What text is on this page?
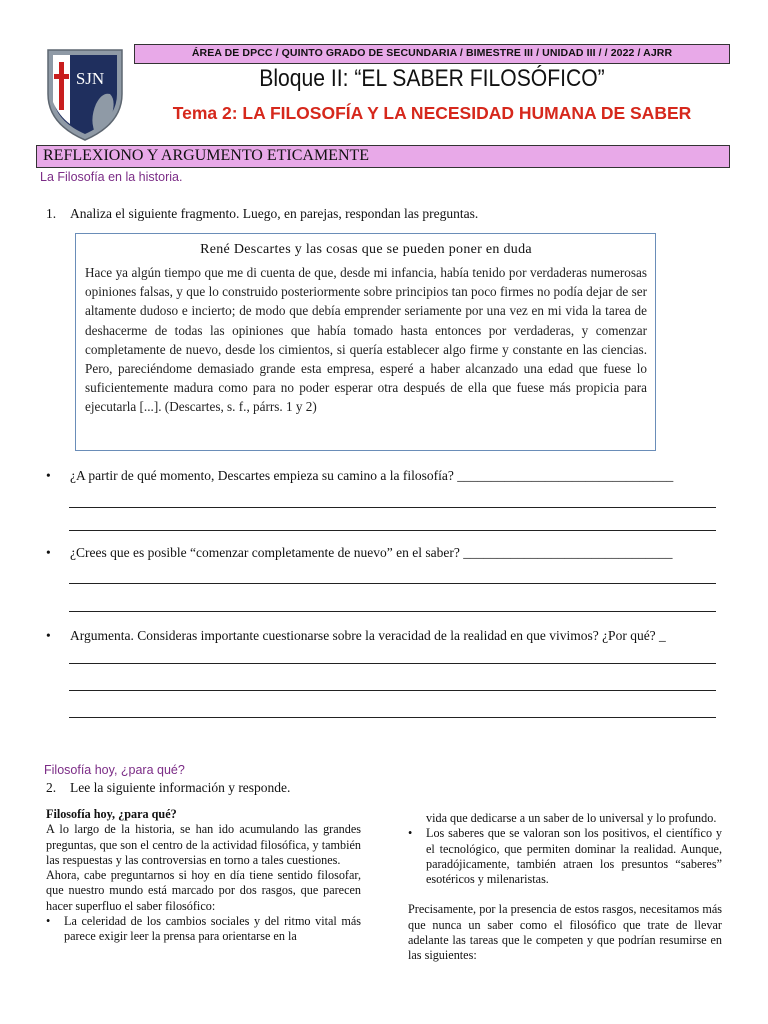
SJN
ÁREA DE DPCC / QUINTO GRADO DE SECUNDARIA / BIMESTRE III / UNIDAD III / / 2022 / AJRR
Bloque II: “EL SABER FILOSÓFICO”
Tema 2: LA FILOSOFÍA Y LA NECESIDAD HUMANA DE SABER
REFLEXIONO Y ARGUMENTO ETICAMENTE
La Filosofía en la historia.
1. Analiza el siguiente fragmento. Luego, en parejas, respondan las preguntas.
René Descartes y las cosas que se pueden poner en duda
Hace ya algún tiempo que me di cuenta de que, desde mi infancia, había tenido por verdaderas numerosas opiniones falsas, y que lo construido posteriormente sobre principios tan poco firmes no podía dejar de ser altamente dudoso e incierto; de modo que debía emprender seriamente por una vez en mi vida la tarea de deshacerme de todas las opiniones que había tomado hasta entonces por verdaderas, y comenzar completamente de nuevo, desde los cimientos, si quería establecer algo firme y constante en las ciencias. Pero, pareciéndome demasiado grande esta empresa, esperé a haber alcanzado una edad que fuese lo suficientemente madura como para no poder esperar otra después de ella que fuese más propicia para ejecutarla [...]. (Descartes, s. f., párrs. 1 y 2)
• ¿A partir de qué momento, Descartes empieza su camino a la filosofía? ________________________________
• ¿Crees que es posible “comenzar completamente de nuevo” en el saber? _______________________________
• Argumenta. Consideras importante cuestionarse sobre la veracidad de la realidad en que vivimos? ¿Por qué? _
Filosofía hoy, ¿para qué?
2. Lee la siguiente información y responde.

Filosofía hoy, ¿para qué?

A lo largo de la historia, se han ido acumulando las grandes preguntas, que son el centro de la actividad filosófica, y también las respuestas y las controversias en torno a tales cuestiones.

Ahora, cabe preguntarnos si hoy en día tiene sentido filosofar, que nuestro mundo está marcado por dos rasgos, que parecen hacer superfluo el saber filosófico:

• La celeridad de los cambios sociales y del ritmo vital más parece exigir leer la prensa para orientarse en la

vida que dedicarse a un saber de lo universal y lo profundo.

• Los saberes que se valoran son los positivos, el científico y el tecnológico, que permiten dominar la realidad. Aunque, paradójicamente, también atraen los presuntos “saberes” esotéricos y milenaristas.

Precisamente, por la presencia de estos rasgos, necesitamos más que nunca un saber como el filosófico que trate de llevar adelante las tareas que le competen y que podrían resumirse en las siguientes:
